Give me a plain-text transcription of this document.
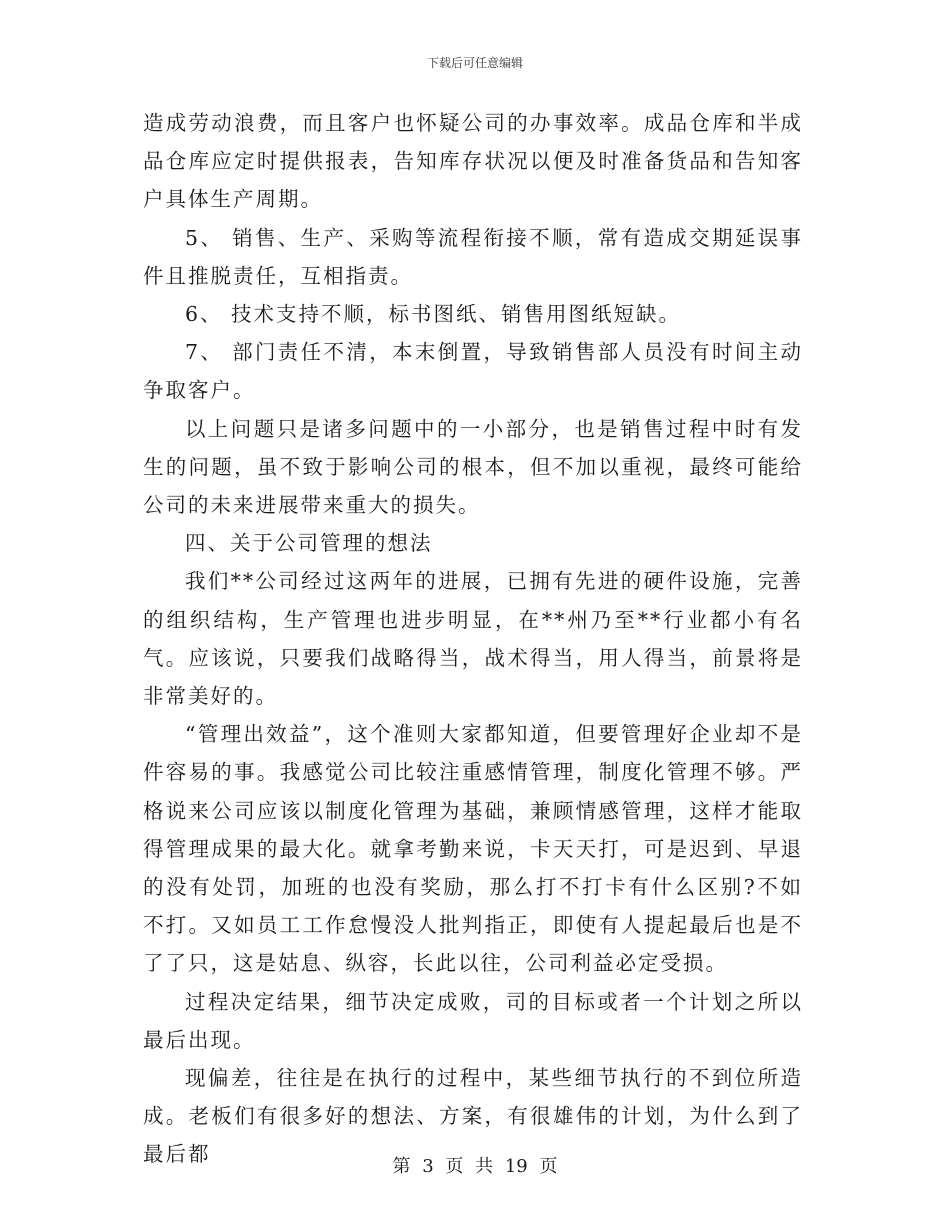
下载后可任意编辑

造成劳动浪费，而且客户也怀疑公司的办事效率。成品仓库和半成品仓库应定时提供报表，告知库存状况以便及时准备货品和告知客户具体生产周期。

5、 销售、生产、采购等流程衔接不顺，常有造成交期延误事件且推脱责任，互相指责。

6、 技术支持不顺，标书图纸、销售用图纸短缺。

7、 部门责任不清，本末倒置，导致销售部人员没有时间主动争取客户。

以上问题只是诸多问题中的一小部分，也是销售过程中时有发生的问题，虽不致于影响公司的根本，但不加以重视，最终可能给公司的未来进展带来重大的损失。

四、关于公司管理的想法

我们**公司经过这两年的进展，已拥有先进的硬件设施，完善的组织结构，生产管理也进步明显，在**州乃至**行业都小有名气。应该说，只要我们战略得当，战术得当，用人得当，前景将是非常美好的。

“管理出效益”，这个准则大家都知道，但要管理好企业却不是件容易的事。我感觉公司比较注重感情管理，制度化管理不够。严格说来公司应该以制度化管理为基础，兼顾情感管理，这样才能取得管理成果的最大化。就拿考勤来说，卡天天打，可是迟到、早退的没有处罚，加班的也没有奖励，那么打不打卡有什么区别?不如不打。又如员工工作怠慢没人批判指正，即使有人提起最后也是不了了只，这是姑息、纵容，长此以往，公司利益必定受损。

过程决定结果，细节决定成败，司的目标或者一个计划之所以最后出现。

现偏差，往往是在执行的过程中，某些细节执行的不到位所造成。老板们有很多好的想法、方案，有很雄伟的计划，为什么到了最后都

第 3 页 共 19 页
